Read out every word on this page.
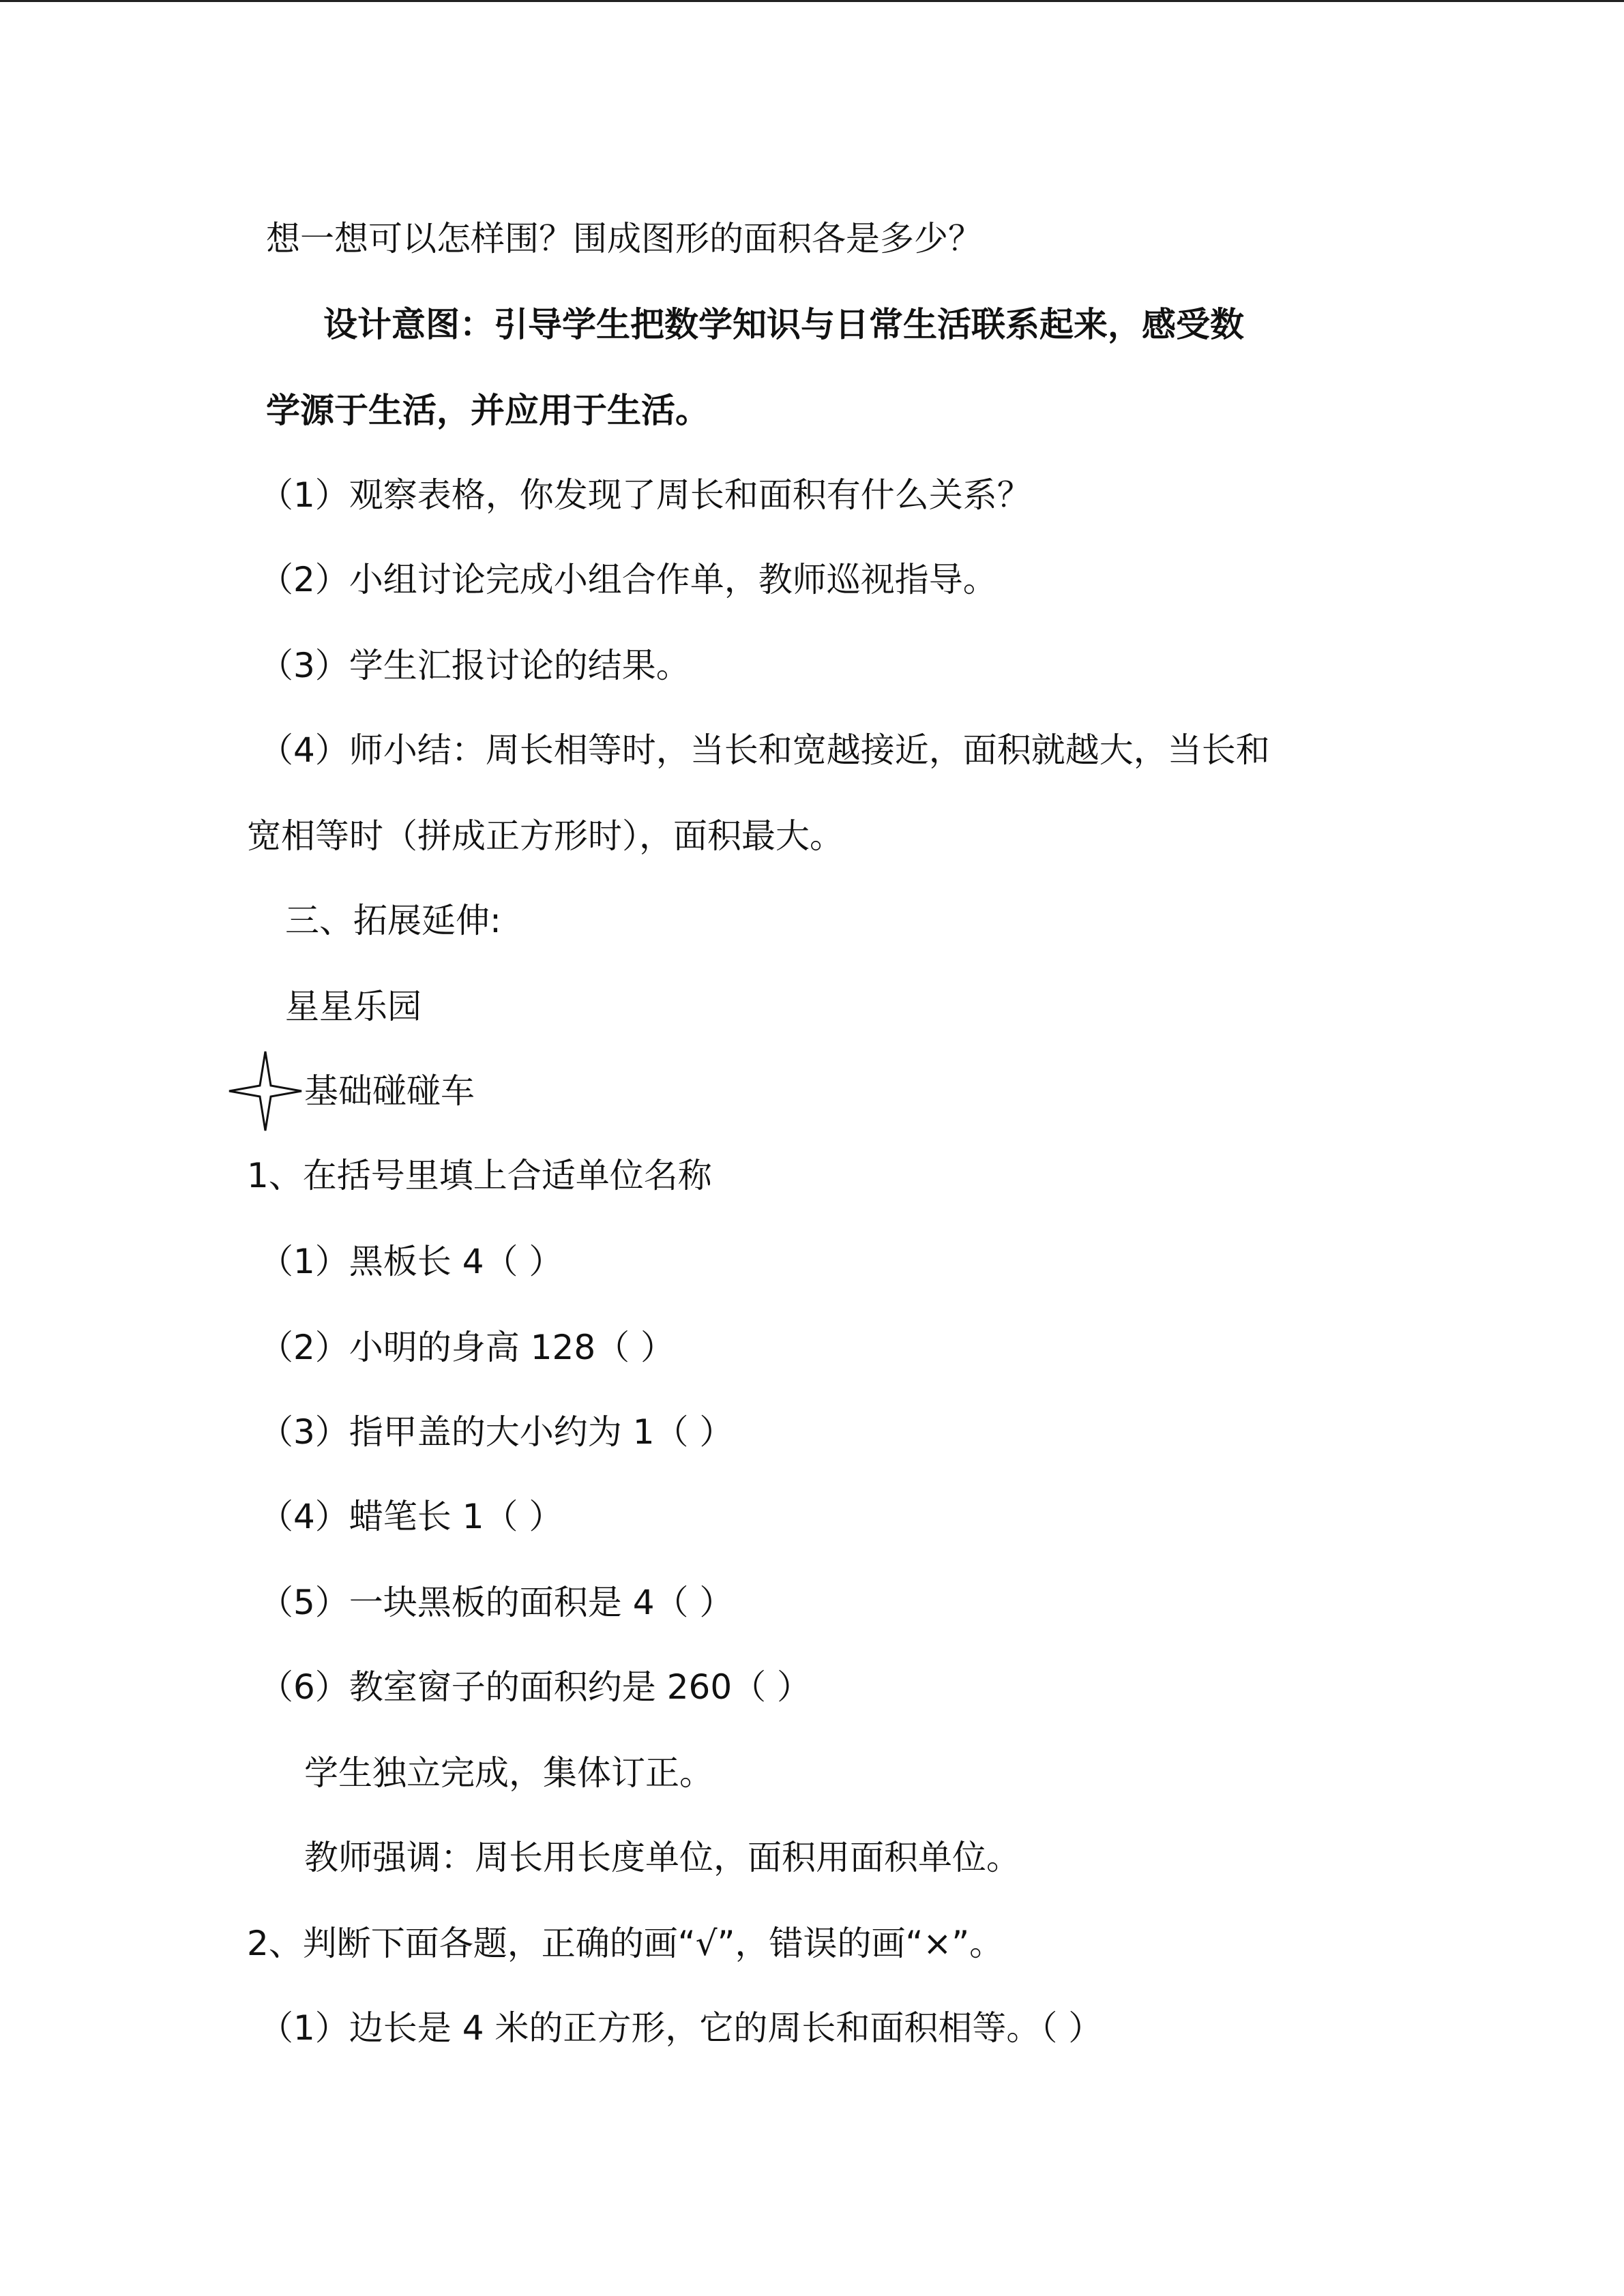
想一想可以怎样围？围成图形的面积各是多少？
设计意图：引导学生把数学知识与日常生活联系起来，感受数
学源于生活，并应用于生活。
（1）观察表格，你发现了周长和面积有什么关系？
（2）小组讨论完成小组合作单，教师巡视指导。
（3）学生汇报讨论的结果。
（4）师小结：周长相等时，当长和宽越接近，面积就越大，当长和
宽相等时（拼成正方形时），面积最大。
三、拓展延伸:
星星乐园
基础碰碰车
1、在括号里填上合适单位名称
（1）黑板长 4（ ）
（2）小明的身高 128（ ）
（3）指甲盖的大小约为 1（ ）
（4）蜡笔长 1（ ）
（5）一块黑板的面积是 4（ ）
（6）教室窗子的面积约是 260（ ）
学生独立完成，集体订正。
教师强调：周长用长度单位，面积用面积单位。
2、判断下面各题，正确的画“√”，错误的画“×”。
（1）边长是 4 米的正方形，它的周长和面积相等。（ ）
